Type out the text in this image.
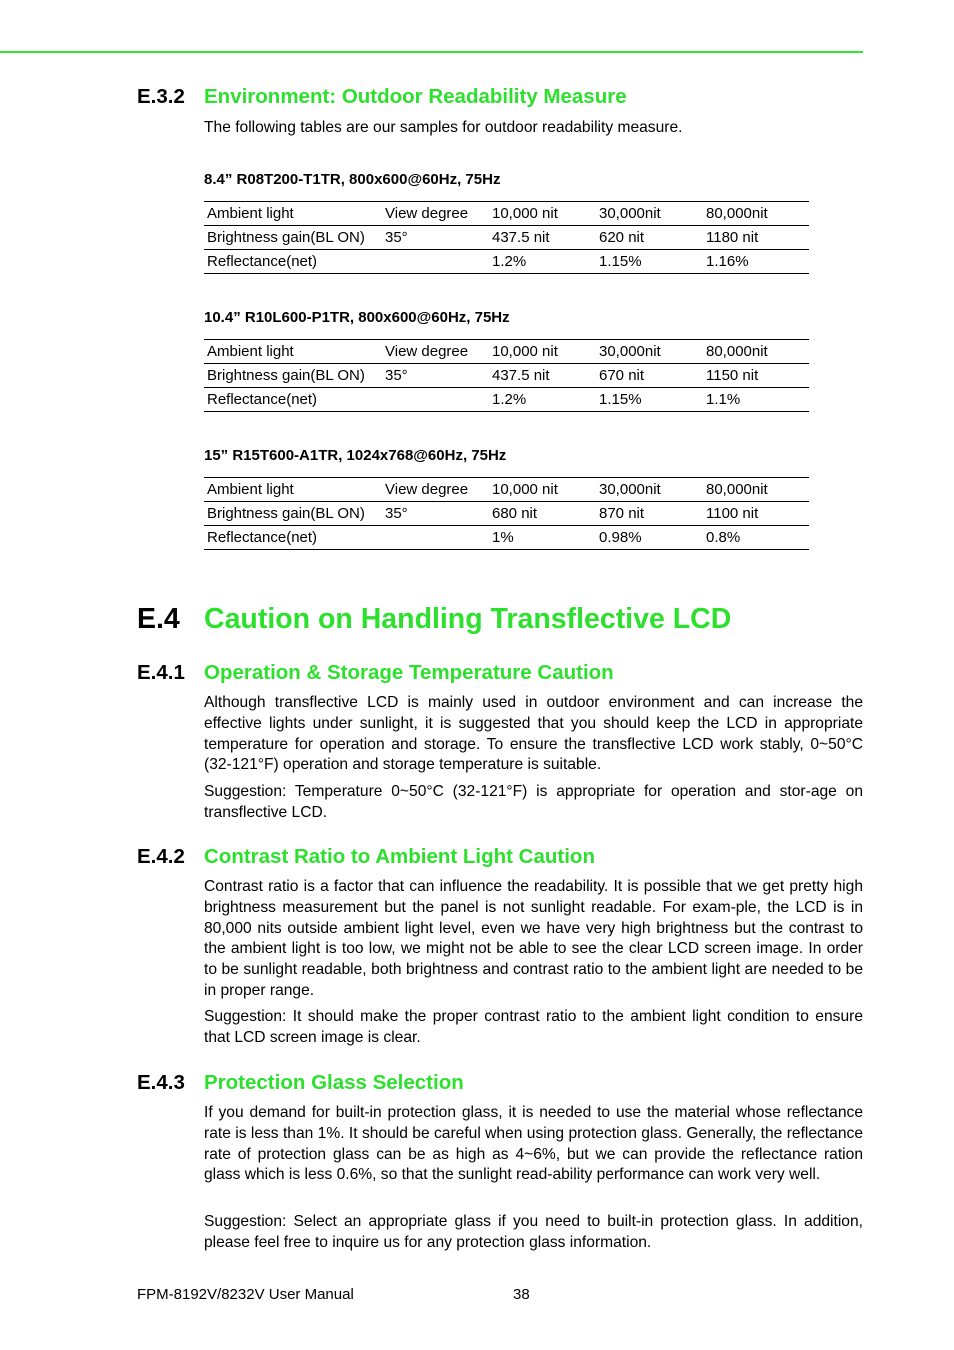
E.3.2 Environment: Outdoor Readability Measure
The following tables are our samples for outdoor readability measure.
8.4” R08T200-T1TR, 800x600@60Hz, 75Hz
Ambient light	View degree	10,000 nit	30,000nit	80,000nit
Brightness gain(BL ON)	35°	437.5 nit	620 nit	1180 nit
Reflectance(net)		1.2%	1.15%	1.16%
10.4” R10L600-P1TR, 800x600@60Hz, 75Hz
Ambient light	View degree	10,000 nit	30,000nit	80,000nit
Brightness gain(BL ON)	35°	437.5 nit	670 nit	1150 nit
Reflectance(net)		1.2%	1.15%	1.1%
15” R15T600-A1TR, 1024x768@60Hz, 75Hz
Ambient light	View degree	10,000 nit	30,000nit	80,000nit
Brightness gain(BL ON)	35°	680 nit	870 nit	1100 nit
Reflectance(net)		1%	0.98%	0.8%
E.4 Caution on Handling Transflective LCD
E.4.1 Operation & Storage Temperature Caution
Although transflective LCD is mainly used in outdoor environment and can increase the effective lights under sunlight, it is suggested that you should keep the LCD in appropriate temperature for operation and storage. To ensure the transflective LCD work stably, 0~50°C (32-121°F) operation and storage temperature is suitable.
Suggestion: Temperature 0~50°C (32-121°F) is appropriate for operation and stor-age on transflective LCD.
E.4.2 Contrast Ratio to Ambient Light Caution
Contrast ratio is a factor that can influence the readability. It is possible that we get pretty high brightness measurement but the panel is not sunlight readable. For exam-ple, the LCD is in 80,000 nits outside ambient light level, even we have very high brightness but the contrast to the ambient light is too low, we might not be able to see the clear LCD screen image. In order to be sunlight readable, both brightness and contrast ratio to the ambient light are needed to be in proper range.
Suggestion: It should make the proper contrast ratio to the ambient light condition to ensure that LCD screen image is clear.
E.4.3 Protection Glass Selection
If you demand for built-in protection glass, it is needed to use the material whose reflectance rate is less than 1%. It should be careful when using protection glass. Generally, the reflectance rate of protection glass can be as high as 4~6%, but we can provide the reflectance ration glass which is less 0.6%, so that the sunlight read-ability performance can work very well.
Suggestion: Select an appropriate glass if you need to built-in protection glass. In addition, please feel free to inquire us for any protection glass information.
FPM-8192V/8232V User Manual	38
